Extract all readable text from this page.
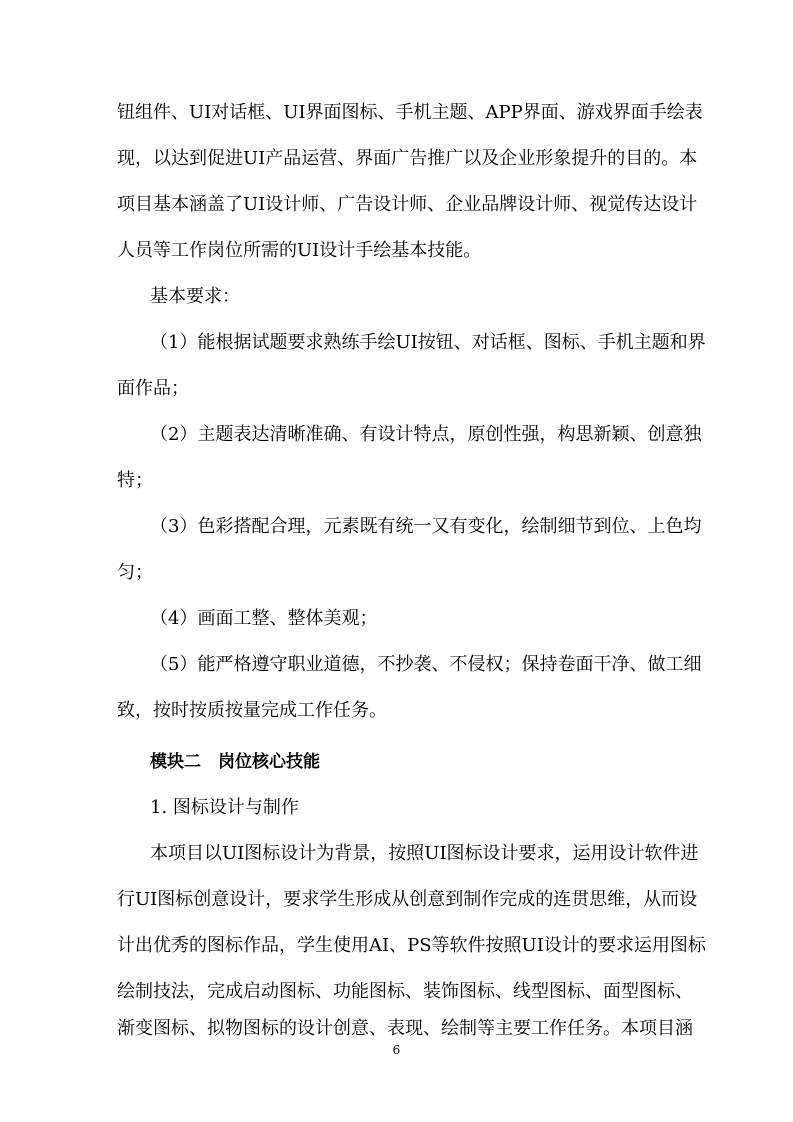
钮组件、UI对话框、UI界面图标、手机主题、APP界面、游戏界面手绘表
现，以达到促进UI产品运营、界面广告推广以及企业形象提升的目的。本
项目基本涵盖了UI设计师、广告设计师、企业品牌设计师、视觉传达设计
人员等工作岗位所需的UI设计手绘基本技能。
基本要求：
（1）能根据试题要求熟练手绘UI按钮、对话框、图标、手机主题和界
面作品；
（2）主题表达清晰准确、有设计特点，原创性强，构思新颖、创意独
特；
（3）色彩搭配合理，元素既有统一又有变化，绘制细节到位、上色均
匀；
（4）画面工整、整体美观；
（5）能严格遵守职业道德，不抄袭、不侵权；保持卷面干净、做工细
致，按时按质按量完成工作任务。
模块二　岗位核心技能
1. 图标设计与制作
本项目以UI图标设计为背景，按照UI图标设计要求，运用设计软件进
行UI图标创意设计，要求学生形成从创意到制作完成的连贯思维，从而设
计出优秀的图标作品，学生使用AI、PS等软件按照UI设计的要求运用图标
绘制技法，完成启动图标、功能图标、装饰图标、线型图标、面型图标、
渐变图标、拟物图标的设计创意、表现、绘制等主要工作任务。本项目涵
6
